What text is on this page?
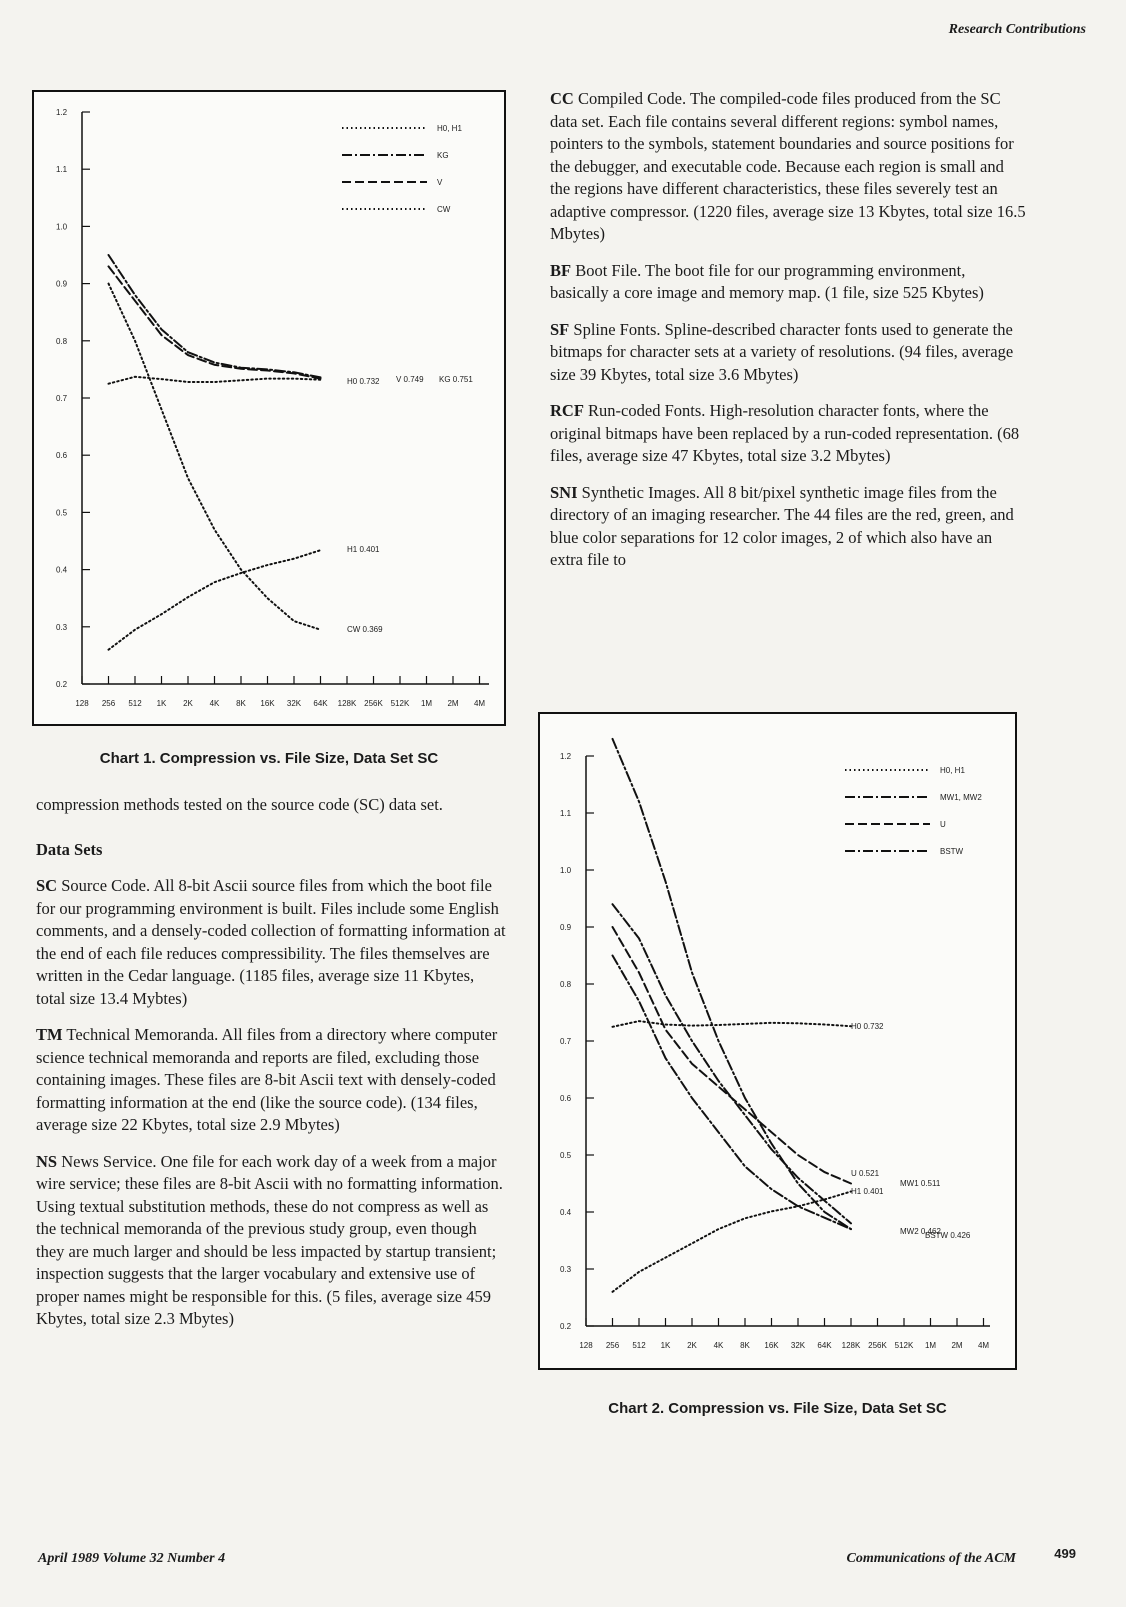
Research Contributions
0.2
0.3
0.4
0.5
0.6
0.7
0.8
0.9
1.0
1.1
1.2
128 256 512 1K 2K 4K 8K 16K 32K 64K 128K 256K 512K 1M 2M 4M
H0, H1
KG
V
CW
H0 0.732 V 0.749 KG 0.751
H1 0.401
CW 0.369
Chart 1. Compression vs. File Size, Data Set SC
0.2
0.3
0.4
0.5
0.6
0.7
0.8
0.9
1.0
1.1
1.2
128 256 512 1K 2K 4K 8K 16K 32K 64K 128K 256K 512K 1M 2M 4M
H0, H1
MW1, MW2
U
BSTW
H0 0.732
U 0.521
H1 0.401
MW1 0.511
MW2 0.462
BSTW 0.426
Chart 2. Compression vs. File Size, Data Set SC

compression methods tested on the source code (SC) data set.

Data Sets

SC Source Code. All 8-bit Ascii source files from which the boot file for our programming environment is built. Files include some English comments, and a densely-coded collection of formatting information at the end of each file reduces compressibility. The files themselves are written in the Cedar language. (1185 files, average size 11 Kbytes, total size 13.4 Mybtes)

TM Technical Memoranda. All files from a directory where computer science technical memoranda and reports are filed, excluding those containing images. These files are 8-bit Ascii text with densely-coded formatting information at the end (like the source code). (134 files, average size 22 Kbytes, total size 2.9 Mbytes)

NS News Service. One file for each work day of a week from a major wire service; these files are 8-bit Ascii with no formatting information. Using textual substitution methods, these do not compress as well as the technical memoranda of the previous study group, even though they are much larger and should be less impacted by startup transient; inspection suggests that the larger vocabulary and extensive use of proper names might be responsible for this. (5 files, average size 459 Kbytes, total size 2.3 Mbytes)

CC Compiled Code. The compiled-code files produced from the SC data set. Each file contains several different regions: symbol names, pointers to the symbols, statement boundaries and source positions for the debugger, and executable code. Because each region is small and the regions have different characteristics, these files severely test an adaptive compressor. (1220 files, average size 13 Kbytes, total size 16.5 Mbytes)

BF Boot File. The boot file for our programming environment, basically a core image and memory map. (1 file, size 525 Kbytes)

SF Spline Fonts. Spline-described character fonts used to generate the bitmaps for character sets at a variety of resolutions. (94 files, average size 39 Kbytes, total size 3.6 Mbytes)

RCF Run-coded Fonts. High-resolution character fonts, where the original bitmaps have been replaced by a run-coded representation. (68 files, average size 47 Kbytes, total size 3.2 Mbytes)

SNI Synthetic Images. All 8 bit/pixel synthetic image files from the directory of an imaging researcher. The 44 files are the red, green, and blue color separations for 12 color images, 2 of which also have an extra file to

April 1989 Volume 32 Number 4	Communications of the ACM	499
